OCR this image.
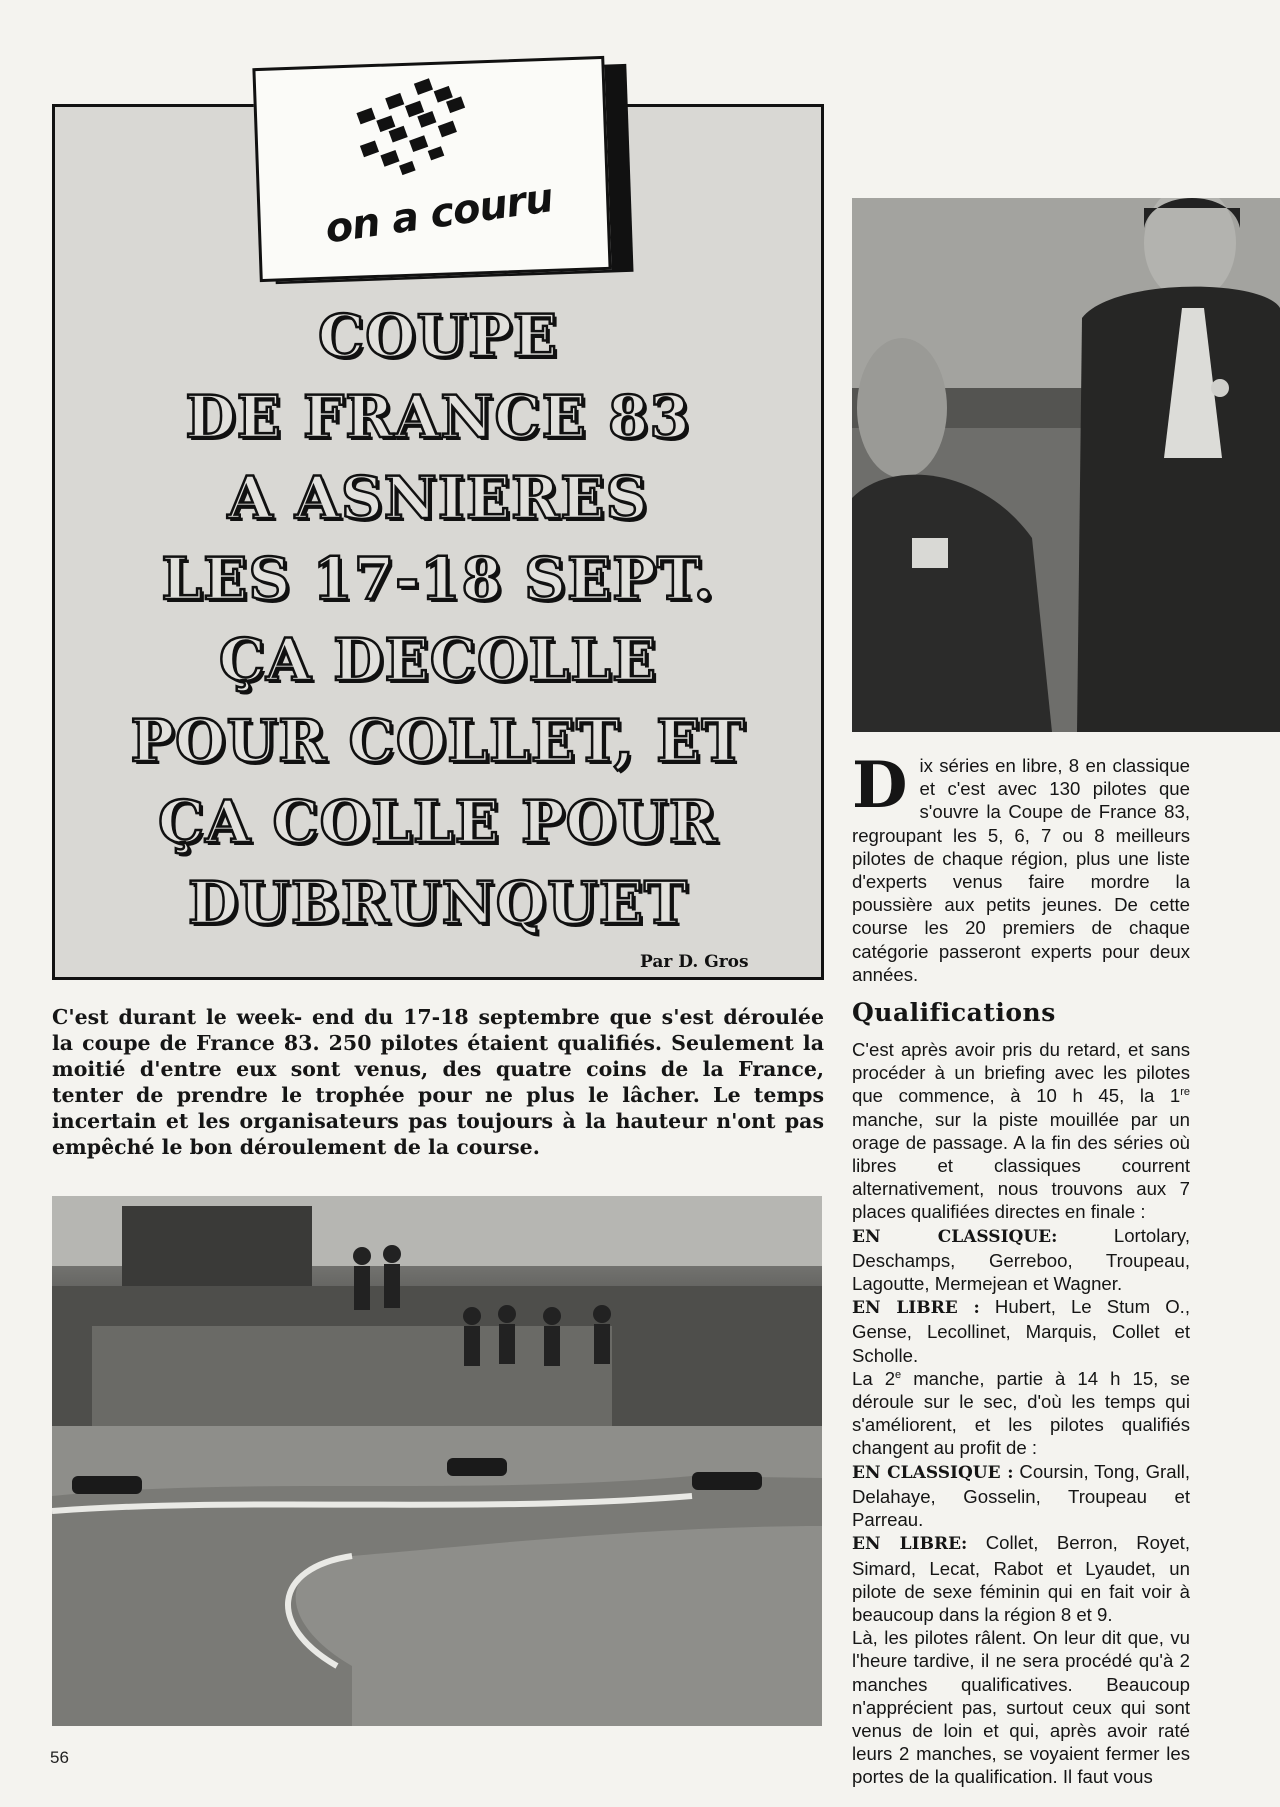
on a couru
COUPE
DE FRANCE 83
A ASNIERES
LES 17-18 SEPT.
ÇA DECOLLE
POUR COLLET, ET
ÇA COLLE POUR
DUBRUNQUET
Par D. Gros
C'est durant le week- end du 17-18 septembre que s'est déroulée la coupe de France 83. 250 pilotes étaient qualifiés. Seulement la moitié d'entre eux sont venus, des quatre coins de la France, tenter de prendre le trophée pour ne plus le lâcher. Le temps incertain et les organisateurs pas toujours à la hauteur n'ont pas empêché le bon déroulement de la course.
D ix séries en libre, 8 en classique et c'est avec 130 pilotes que s'ouvre la Coupe de France 83, regroupant les 5, 6, 7 ou 8 meilleurs pilotes de chaque région, plus une liste d'experts venus faire mordre la poussière aux petits jeunes. De cette course les 20 premiers de chaque catégorie passeront experts pour deux années.

Qualifications

C'est après avoir pris du retard, et sans procéder à un briefing avec les pilotes que commence, à 10 h 45, la 1re manche, sur la piste mouillée par un orage de passage. A la fin des séries où libres et classiques courrent alternativement, nous trouvons aux 7 places qualifiées directes en finale :

EN CLASSIQUE: Lortolary, Deschamps, Gerreboo, Troupeau, Lagoutte, Mermejean et Wagner.

EN LIBRE : Hubert, Le Stum O., Gense, Lecollinet, Marquis, Collet et Scholle.

La 2e manche, partie à 14 h 15, se déroule sur le sec, d'où les temps qui s'améliorent, et les pilotes qualifiés changent au profit de :

EN CLASSIQUE : Coursin, Tong, Grall, Delahaye, Gosselin, Troupeau et Parreau.

EN LIBRE: Collet, Berron, Royet, Simard, Lecat, Rabot et Lyaudet, un pilote de sexe féminin qui en fait voir à beaucoup dans la région 8 et 9.

Là, les pilotes râlent. On leur dit que, vu l'heure tardive, il ne sera procédé qu'à 2 manches qualificatives. Beaucoup n'apprécient pas, surtout ceux qui sont venus de loin et qui, après avoir raté leurs 2 manches, se voyaient fermer les portes de la qualification. Il faut vous

56
